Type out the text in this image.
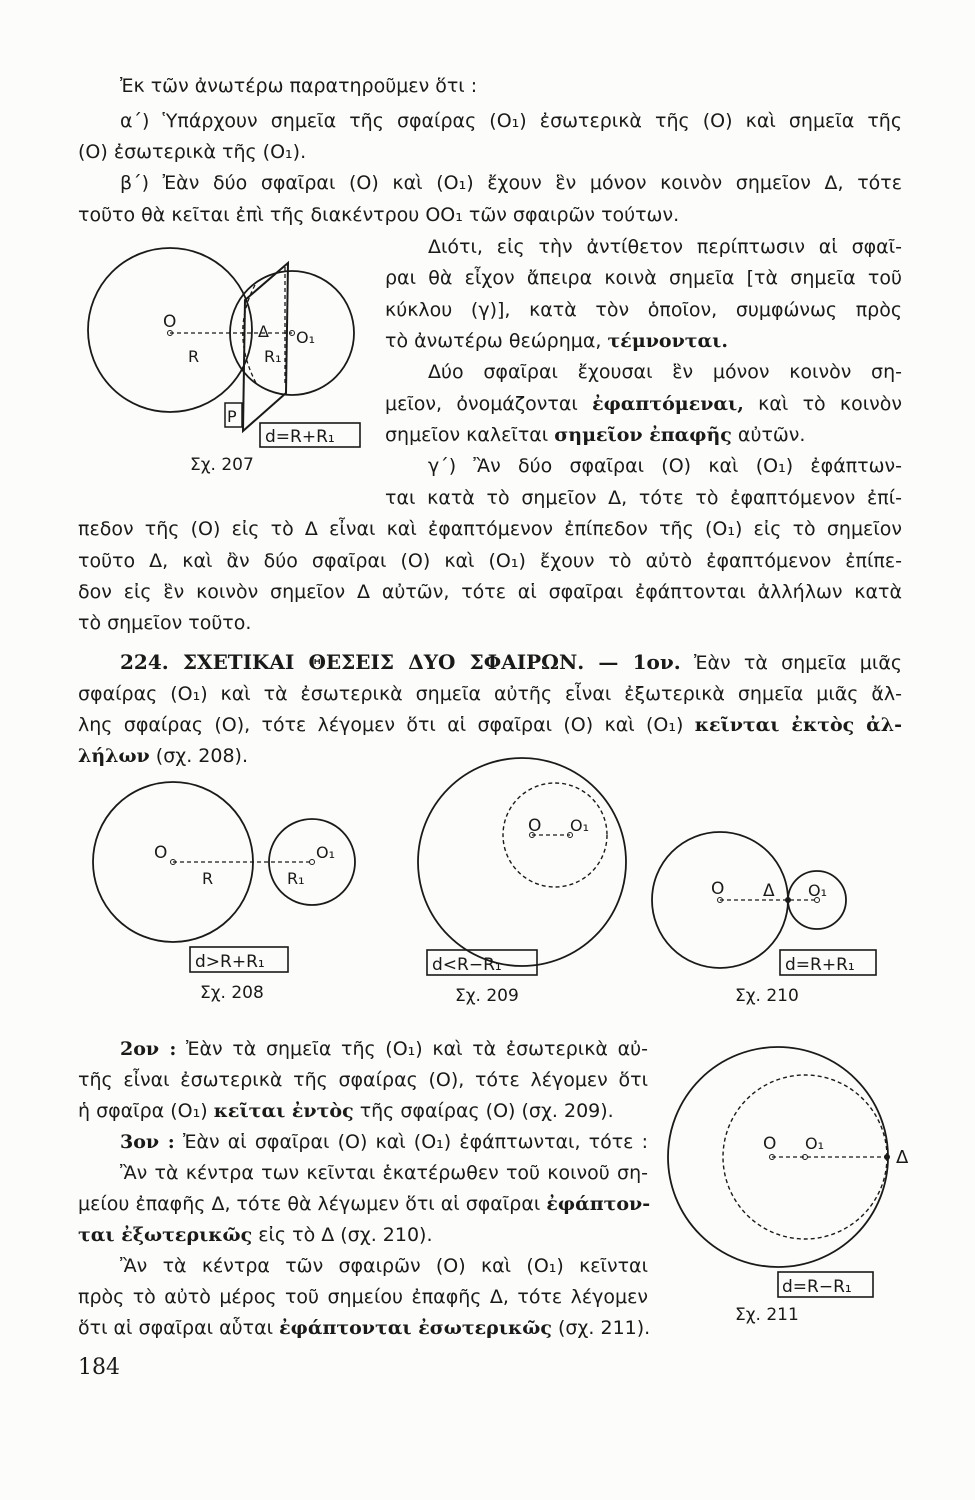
Ἐκ τῶν ἀνωτέρω παρατηροῦμεν ὅτι :
α΄) Ὑπάρχουν σημεῖα τῆς σφαίρας (O₁) ἐσωτερικὰ τῆς (O) καὶ σημεῖα τῆς
(O) ἐσωτερικὰ τῆς (O₁).
β΄) Ἐὰν δύο σφαῖραι (O) καὶ (O₁) ἔχουν ἓν μόνον κοινὸν σημεῖον Δ, τότε
τοῦτο θὰ κεῖται ἐπὶ τῆς διακέντρου OO₁ τῶν σφαιρῶν τούτων.
Διότι, εἰς τὴν ἀντίθετον περίπτωσιν αἱ σφαῖ-
ραι θὰ εἶχον ἄπειρα κοινὰ σημεῖα [τὰ σημεῖα τοῦ
κύκλου (γ)], κατὰ τὸν ὁποῖον, συμφώνως πρὸς
τὸ ἀνωτέρω θεώρημα, τέμνονται.
Δύο σφαῖραι ἔχουσαι ἓν μόνον κοινὸν ση-
μεῖον, ὀνομάζονται ἐφαπτόμεναι, καὶ τὸ κοινὸν
σημεῖον καλεῖται σημεῖον ἐπαφῆς αὐτῶν.
γ΄) Ἂν δύο σφαῖραι (O) καὶ (O₁) ἐφάπτων-
ται κατὰ τὸ σημεῖον Δ, τότε τὸ ἐφαπτόμενον ἐπί-
πεδον τῆς (O) εἰς τὸ Δ εἶναι καὶ ἐφαπτόμενον ἐπίπεδον τῆς (O₁) εἰς τὸ σημεῖον
τοῦτο Δ, καὶ ἂν δύο σφαῖραι (O) καὶ (O₁) ἔχουν τὸ αὐτὸ ἐφαπτόμενον ἐπίπε-
δον εἰς ἓν κοινὸν σημεῖον Δ αὐτῶν, τότε αἱ σφαῖραι ἐφάπτονται ἀλλήλων κατὰ
τὸ σημεῖον τοῦτο.
224. ΣΧΕΤΙΚΑΙ ΘΕΣΕΙΣ ΔΥΟ ΣΦΑΙΡΩΝ. — 1ον. Ἐὰν τὰ σημεῖα μιᾶς
σφαίρας (O₁) καὶ τὰ ἐσωτερικὰ σημεῖα αὐτῆς εἶναι ἐξωτερικὰ σημεῖα μιᾶς ἄλ-
λης σφαίρας (O), τότε λέγομεν ὅτι αἱ σφαῖραι (O) καὶ (O₁) κεῖνται ἐκτὸς ἀλ-
λήλων (σχ. 208).
2ον : Ἐὰν τὰ σημεῖα τῆς (O₁) καὶ τὰ ἐσωτερικὰ αὐ-
τῆς εἶναι ἐσωτερικὰ τῆς σφαίρας (O), τότε λέγομεν ὅτι
ἡ σφαῖρα (O₁) κεῖται ἐντὸς τῆς σφαίρας (O) (σχ. 209).
3ον : Ἐὰν αἱ σφαῖραι (O) καὶ (O₁) ἐφάπτωνται, τότε :
Ἂν τὰ κέντρα των κεῖνται ἑκατέρωθεν τοῦ κοινοῦ ση-
μείου ἐπαφῆς Δ, τότε θὰ λέγωμεν ὅτι αἱ σφαῖραι ἐφάπτον-
ται ἐξωτερικῶς εἰς τὸ Δ (σχ. 210).
Ἂν τὰ κέντρα τῶν σφαιρῶν (O) καὶ (O₁) κεῖνται
πρὸς τὸ αὐτὸ μέρος τοῦ σημείου ἐπαφῆς Δ, τότε λέγομεν
ὅτι αἱ σφαῖραι αὗται ἐφάπτονται ἐσωτερικῶς (σχ. 211).
184
O
R
Δ O₁
R₁
P
d=R+R₁
Σχ. 207
O	O₁
R	R₁
d>R+R₁
Σχ. 208
O O₁
d<R−R₁
Σχ. 209
O Δ O₁
d=R+R₁
Σχ. 210
O O₁
Δ
d=R−R₁
Σχ. 211
